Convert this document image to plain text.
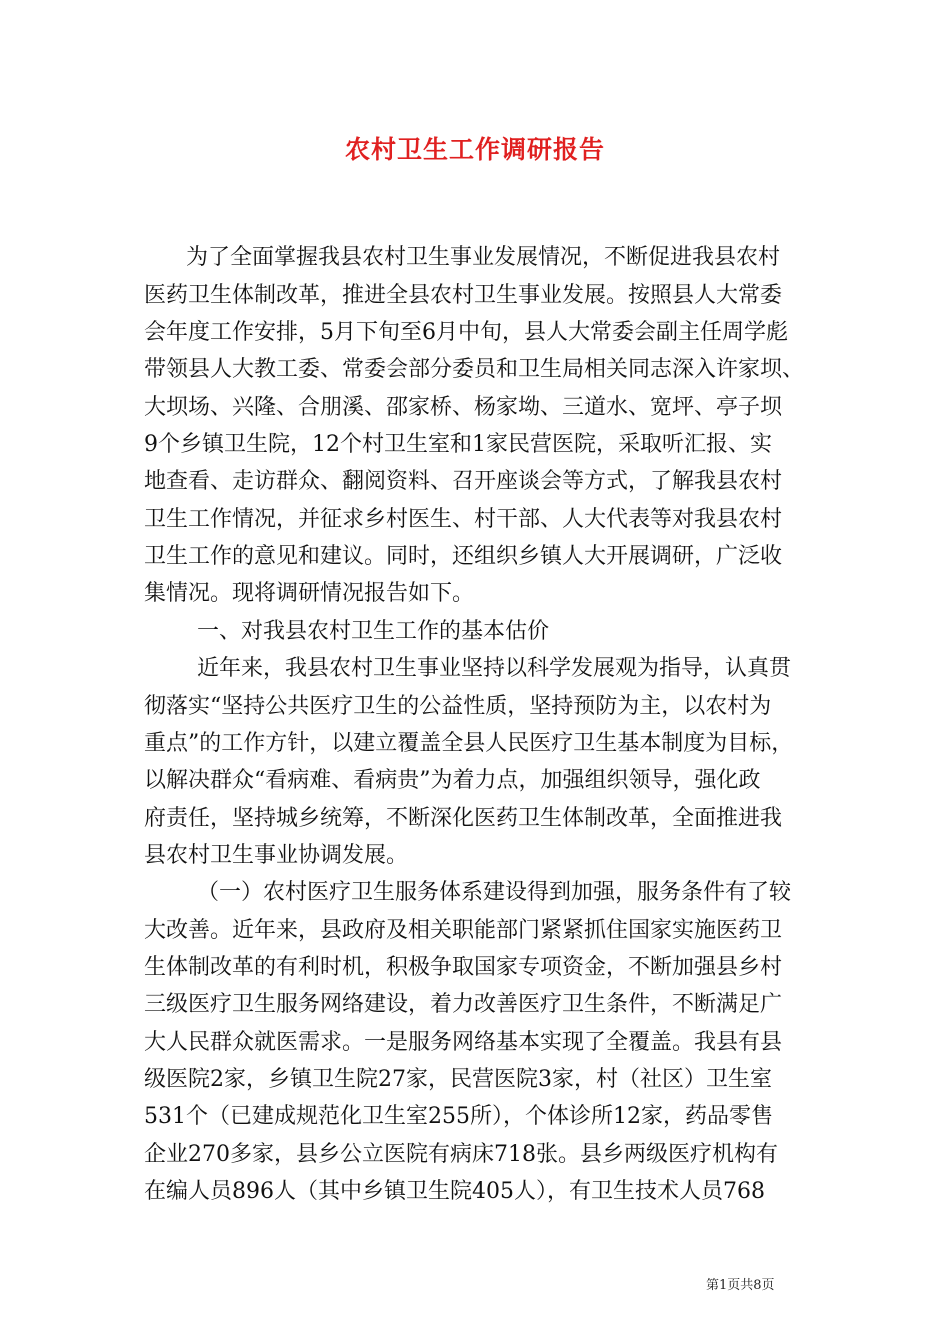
农村卫生工作调研报告

为了全面掌握我县农村卫生事业发展情况，不断促进我县农村

医药卫生体制改革，推进全县农村卫生事业发展。按照县人大常委

会年度工作安排，5月下旬至6月中旬，县人大常委会副主任周学彪

带领县人大教工委、常委会部分委员和卫生局相关同志深入许家坝、

大坝场、兴隆、合朋溪、邵家桥、杨家坳、三道水、宽坪、亭子坝

9个乡镇卫生院，12个村卫生室和1家民营医院，采取听汇报、实

地查看、走访群众、翻阅资料、召开座谈会等方式，了解我县农村

卫生工作情况，并征求乡村医生、村干部、人大代表等对我县农村

卫生工作的意见和建议。同时，还组织乡镇人大开展调研，广泛收

集情况。现将调研情况报告如下。

一、对我县农村卫生工作的基本估价

近年来，我县农村卫生事业坚持以科学发展观为指导，认真贯

彻落实“坚持公共医疗卫生的公益性质，坚持预防为主，以农村为

重点”的工作方针，以建立覆盖全县人民医疗卫生基本制度为目标，

以解决群众“看病难、看病贵”为着力点，加强组织领导，强化政

府责任，坚持城乡统筹，不断深化医药卫生体制改革，全面推进我

县农村卫生事业协调发展。

（一）农村医疗卫生服务体系建设得到加强，服务条件有了较

大改善。近年来，县政府及相关职能部门紧紧抓住国家实施医药卫

生体制改革的有利时机，积极争取国家专项资金，不断加强县乡村

三级医疗卫生服务网络建设，着力改善医疗卫生条件，不断满足广

大人民群众就医需求。一是服务网络基本实现了全覆盖。我县有县

级医院2家，乡镇卫生院27家，民营医院3家，村（社区）卫生室

531个（已建成规范化卫生室255所），个体诊所12家，药品零售

企业270多家，县乡公立医院有病床718张。县乡两级医疗机构有

在编人员896人（其中乡镇卫生院405人），有卫生技术人员768

第1页共8页
